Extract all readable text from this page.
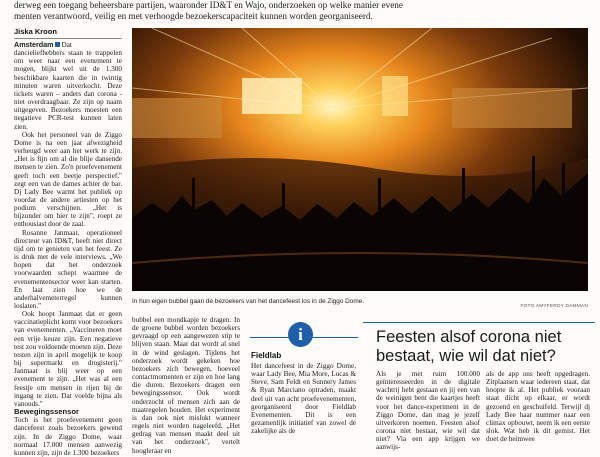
derweg een toegang beheersbare partijen, waaronder ID&T en Wajo, onderzoeken op welke manier evene
menten verantwoord, veilig en met verhoogde bezoekerscapaciteit kunnen worden georganiseerd.
Jiska Kroon

Amsterdam Dat dancieliefhebbers staan te trappelen om weer naar een evenement te mogen, blijkt wel uit de 1.300 beschikbare kaarten die in twintig minuten waren uitverkocht. Deze tickets waren – anders dan corona - niet overdraagbaar. Ze zijn op naam uitgegeven. Bezoekers moesten een negatieve PCR-test kunnen laten zien.

Ook het personeel van de Ziggo Dome is na een jaar afwezigheid verheugd weer aan het werk te zijn. „Het is fijn om al die blije dansende mensen te zien. Zo'n proefevenement geeft toch een beetje perspectief," zegt een van de dames achter de bar. Dj Lady Bee warmt het publiek op voordat de andere artiesten op het podium verschijnen. „Het is bijzonder om hier te zijn", roept ze enthousiast door de zaal.

Rosanne Janmaat, operationeel directeur van ID&T, heeft niet direct tijd om te genieten van het feest. Ze is druk met de vele interviews. „We hopen dat het onderzoek voorwaarden schept waarmee de evenementensector weer kan starten. En laat zien hoe we de anderhalvemeterregel kunnen loslaten."

Ook hoopt Janmaat dat er geen vaccinatieplicht komt voor bezoekers van evenementen. „Vaccineren moet een vrije keuze zijn. Een negatieve test zou voldoende moeten zijn. Deze testen zijn in april mogelijk te koop bij supermarkt en drogisterij." Janmaat is blij weer op een evenement te zijn. „Het was al een feestje om mensen in rijen bij de ingang te zien. Dat voelde bijna als vanouds."

Bewegingssensor

Toch is het proefevenement geen dancefeest zoals bezoekers gewend zijn. In de Ziggo Dome, waar normaal 17.000 mensen aanwezig kunnen zijn, zijn de 1.300 bezoekers

In hun eigen bubbel gaan de bezoekers van het dancefeest los in de Ziggo Dome.
FOTO AMYFERDY DAMMAN

bubbel een mondkapje te dragen. In de groene bubbel worden bezoekers gevraagd op een aangewezen stip te blijven staan. Maar dat wordt al snel in de wind geslagen. Tijdens het onderzoek wordt gekeken hoe bezoekers zich bewegen, hoeveel contactmomenten er zijn en hoe lang die duren. Bezoekers dragen een bewegingssensor. Ook wordt onderzocht of mensen zich aan de maatregelen houden. Het experiment is dan ook niet mislukt wanneer regels niet worden nageleefd. „Het gedrag van mensen maakt deel uit van het onderzoek", vertelt hoogleraar en

i
Fieldlab

Het dancefeest in de Ziggo Dome, waar Lady Bee, Mia More, Lucas & Steve, Sam Feldt en Sunnery James & Ryan Marciano optraden, maakt deel uit van acht proefevenementen, georganiseerd door Fieldlab Evenementen. Dit is een gezamenlijk initiatief van zowel de zakelijke als de

Feesten alsof corona niet bestaat, wie wil dat niet?

Als je met ruim 100.000 geïnteresseerden in de digitale wachtrij hebt gestaan en jij een van de weinigen bent die kaartjes heeft voor het dance-experiment in de Ziggo Dome, dan mag je jezelf uitverkoren noemen. Feesten alsof corona niet bestaat, wie wil dat niet? Via een app krijgen we aanwijs-

als de app ons heeft opgedragen. Zitplaatsen waar iedereen staat, dat hoopte ik al. Het publiek vooraan staat dicht op elkaar, er wordt gezoend en geschuifeld. Terwijl dj Lady Bee haar nummer naar een climax opbouwt, neem ik een eerste slok. Wat heb ik dit gemist. Het doet de heimwee
